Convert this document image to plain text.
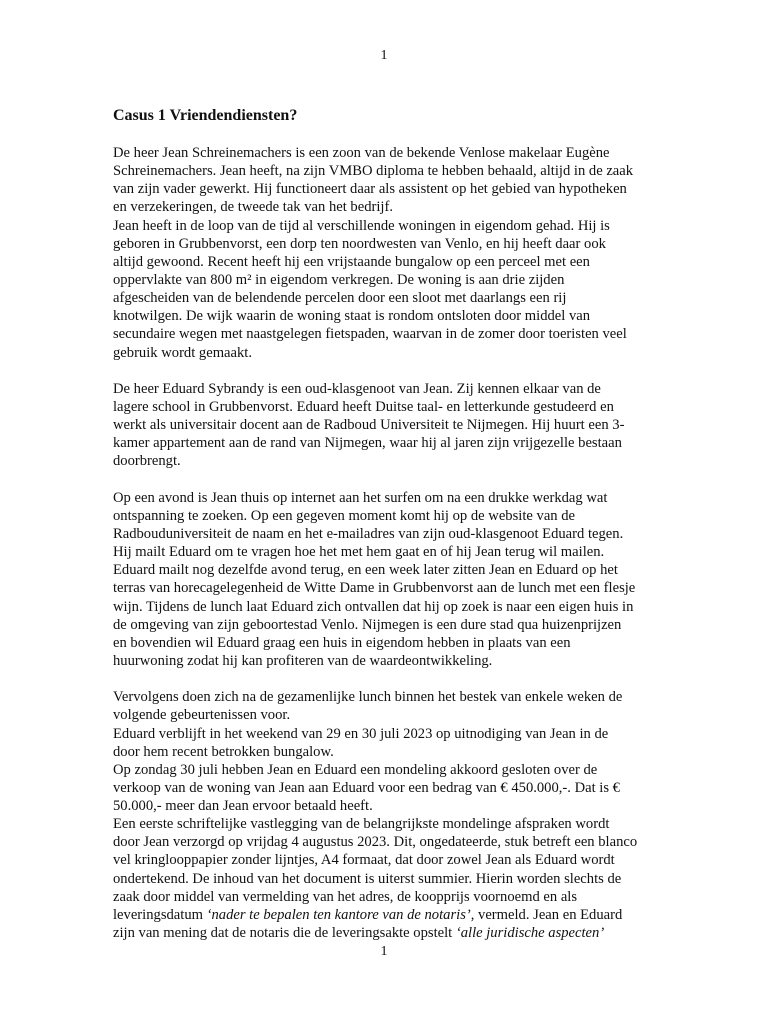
1
Casus 1 Vriendendiensten?
De heer Jean Schreinemachers is een zoon van de bekende Venlose makelaar Eugène
Schreinemachers. Jean heeft, na zijn VMBO diploma te hebben behaald, altijd in de zaak
van zijn vader gewerkt. Hij functioneert daar als assistent op het gebied van hypotheken
en verzekeringen, de tweede tak van het bedrijf.
Jean heeft in de loop van de tijd al verschillende woningen in eigendom gehad. Hij is
geboren in Grubbenvorst, een dorp ten noordwesten van Venlo, en hij heeft daar ook
altijd gewoond. Recent heeft hij een vrijstaande bungalow op een perceel met een
oppervlakte van 800 m² in eigendom verkregen. De woning is aan drie zijden
afgescheiden van de belendende percelen door een sloot met daarlangs een rij
knotwilgen. De wijk waarin de woning staat is rondom ontsloten door middel van
secundaire wegen met naastgelegen fietspaden, waarvan in de zomer door toeristen veel
gebruik wordt gemaakt.
De heer Eduard Sybrandy is een oud-klasgenoot van Jean. Zij kennen elkaar van de
lagere school in Grubbenvorst. Eduard heeft Duitse taal- en letterkunde gestudeerd en
werkt als universitair docent aan de Radboud Universiteit te Nijmegen. Hij huurt een 3-
kamer appartement aan de rand van Nijmegen, waar hij al jaren zijn vrijgezelle bestaan
doorbrengt.
Op een avond is Jean thuis op internet aan het surfen om na een drukke werkdag wat
ontspanning te zoeken. Op een gegeven moment komt hij op de website van de
Radbouduniversiteit de naam en het e-mailadres van zijn oud-klasgenoot Eduard tegen.
Hij mailt Eduard om te vragen hoe het met hem gaat en of hij Jean terug wil mailen.
Eduard mailt nog dezelfde avond terug, en een week later zitten Jean en Eduard op het
terras van horecagelegenheid de Witte Dame in Grubbenvorst aan de lunch met een flesje
wijn. Tijdens de lunch laat Eduard zich ontvallen dat hij op zoek is naar een eigen huis in
de omgeving van zijn geboortestad Venlo. Nijmegen is een dure stad qua huizenprijzen
en bovendien wil Eduard graag een huis in eigendom hebben in plaats van een
huurwoning zodat hij kan profiteren van de waardeontwikkeling.
Vervolgens doen zich na de gezamenlijke lunch binnen het bestek van enkele weken de
volgende gebeurtenissen voor.
Eduard verblijft in het weekend van 29 en 30 juli 2023 op uitnodiging van Jean in de
door hem recent betrokken bungalow.
Op zondag 30 juli hebben Jean en Eduard een mondeling akkoord gesloten over de
verkoop van de woning van Jean aan Eduard voor een bedrag van € 450.000,-. Dat is €
50.000,- meer dan Jean ervoor betaald heeft.
Een eerste schriftelijke vastlegging van de belangrijkste mondelinge afspraken wordt
door Jean verzorgd op vrijdag 4 augustus 2023. Dit, ongedateerde, stuk betreft een blanco
vel kringlooppapier zonder lijntjes, A4 formaat, dat door zowel Jean als Eduard wordt
ondertekend. De inhoud van het document is uiterst summier. Hierin worden slechts de
zaak door middel van vermelding van het adres, de koopprijs voornoemd en als
leveringsdatum ‘nader te bepalen ten kantore van de notaris’, vermeld. Jean en Eduard
zijn van mening dat de notaris die de leveringsakte opstelt ‘alle juridische aspecten’
1
